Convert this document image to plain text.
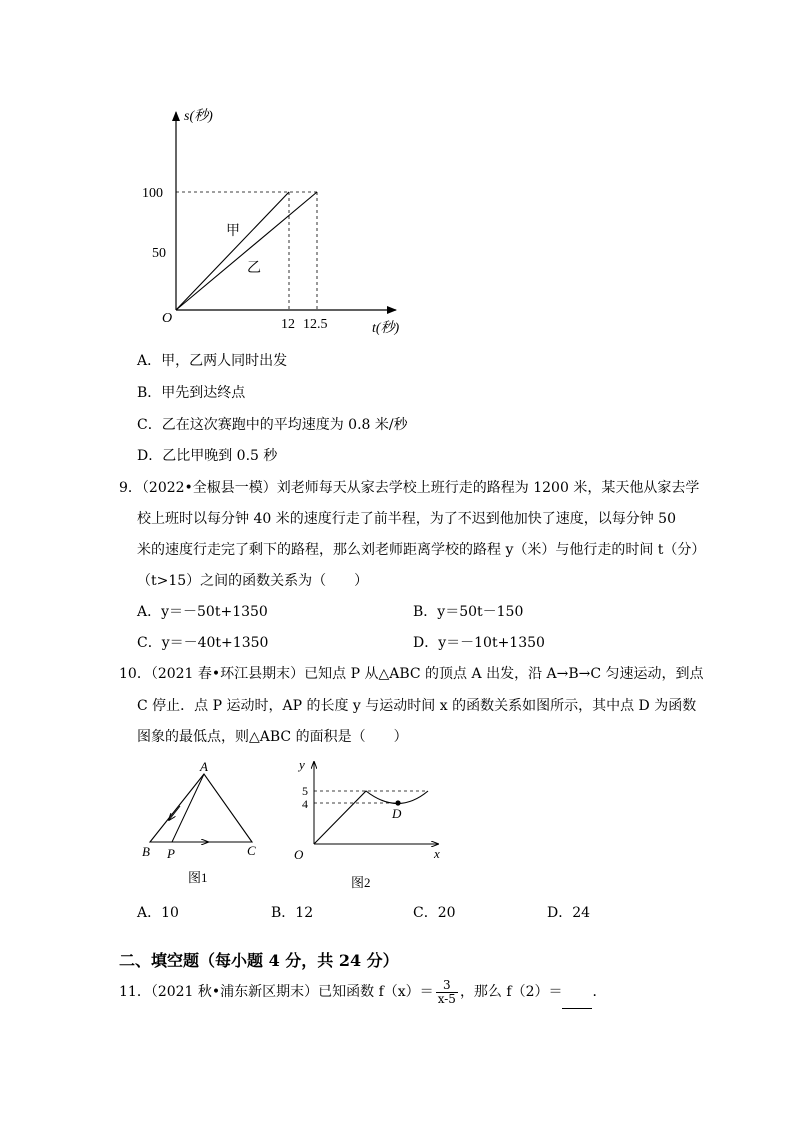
s(秒)
t(秒)
O
100
50
12 12.5
甲
乙
A．甲，乙两人同时出发
B．甲先到达终点
C．乙在这次赛跑中的平均速度为 0.8 米/秒
D．乙比甲晚到 0.5 秒
9．（2022•全椒县一模）刘老师每天从家去学校上班行走的路程为 1200 米，某天他从家去学
校上班时以每分钟 40 米的速度行走了前半程，为了不迟到他加快了速度，以每分钟 50
米的速度行走完了剩下的路程，那么刘老师距离学校的路程 y（米）与他行走的时间 t（分）
（t>15）之间的函数关系为（　　）
A．y＝－50t+1350	B．y＝50t－150
C．y＝－40t+1350	D．y＝－10t+1350
10．（2021 春•环江县期末）已知点 P 从△ABC 的顶点 A 出发，沿 A→B→C 匀速运动，到点
C 停止．点 P 运动时，AP 的长度 y 与运动时间 x 的函数关系如图所示，其中点 D 为函数
图象的最低点，则△ABC 的面积是（　　）
A
B P	C
图1
y
x
O
5
4
D
图2
A．10	B．12	C．20	D．24
二、填空题（每小题 4 分，共 24 分）
11．（2021 秋•浦东新区期末）已知函数 $f(x)= \frac{3}{x-5}$ ，那么 f（2）＝ ．
